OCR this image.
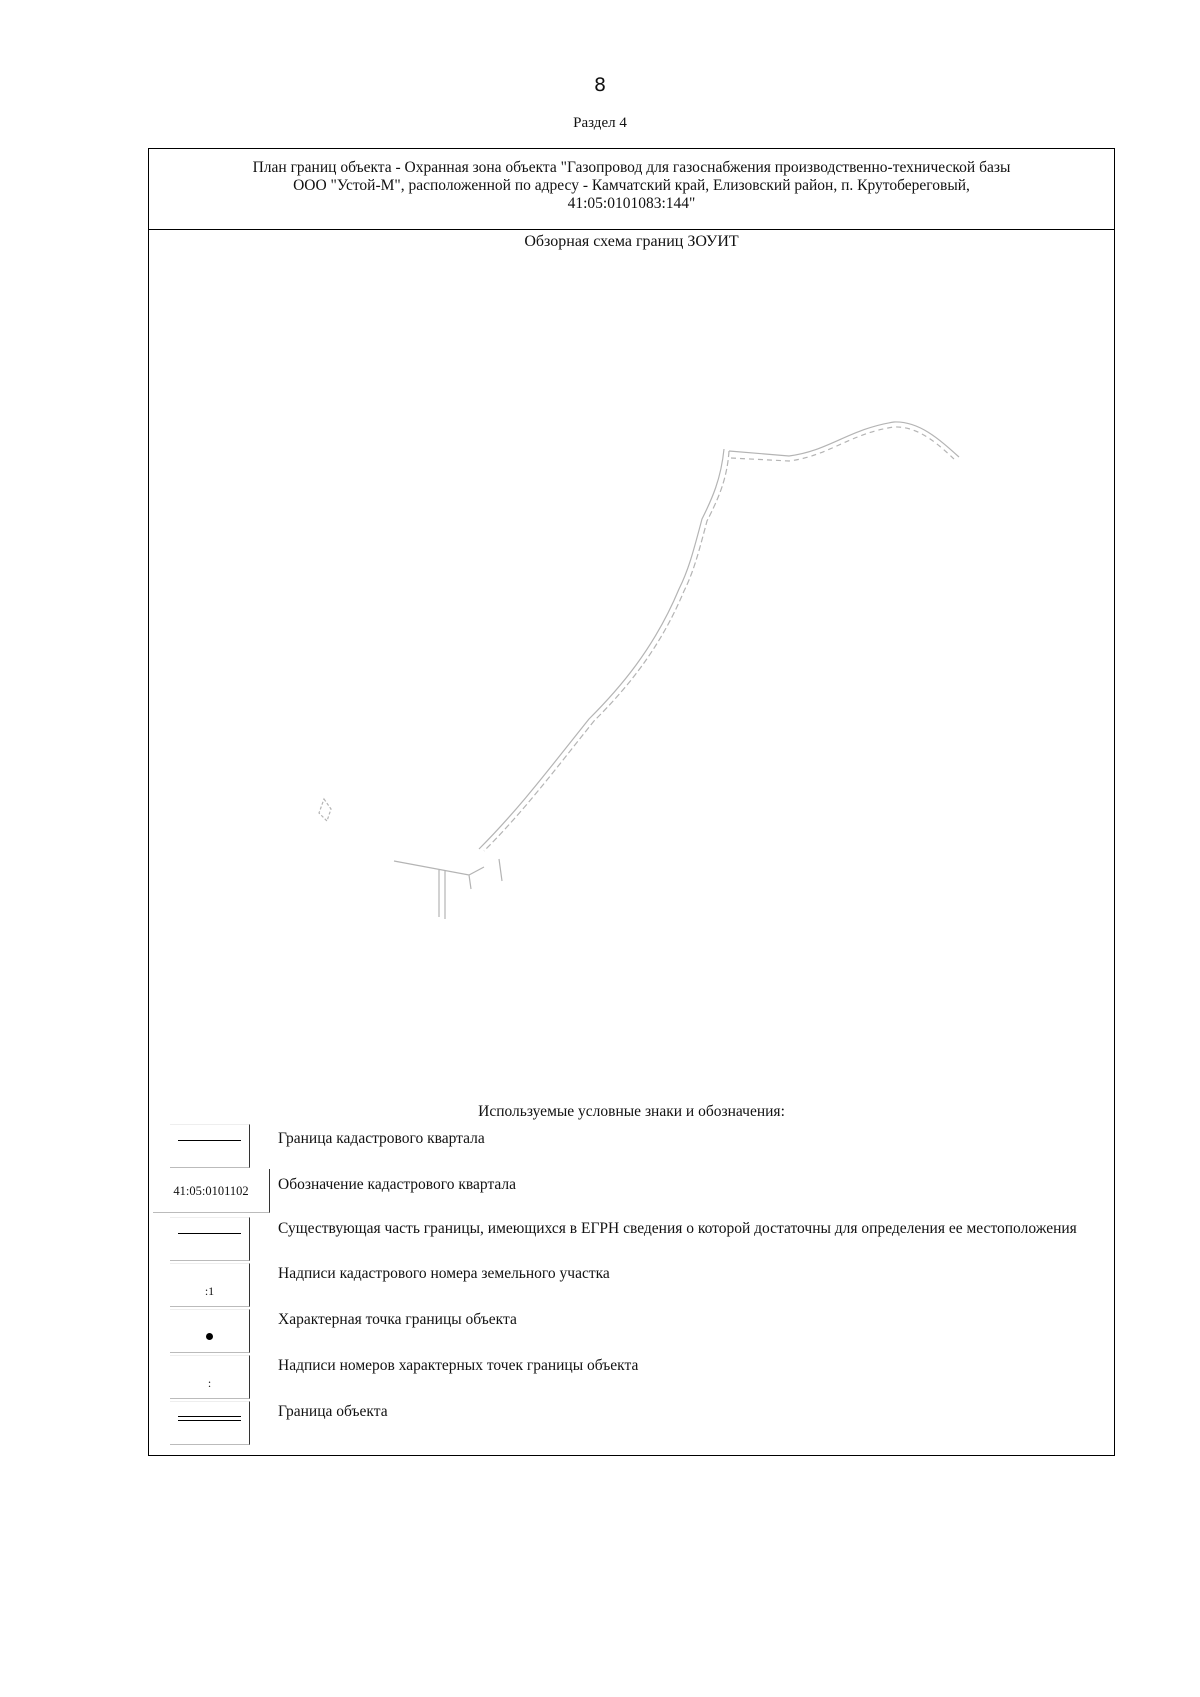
8
Раздел 4
План границ объекта - Охранная зона объекта "Газопровод для газоснабжения производственно-технической базы
ООО "Устой-М", расположенной по адресу - Камчатский край, Елизовский район, п. Крутобереговый,
41:05:0101083:144"
Обзорная схема границ ЗОУИТ
Используемые условные знаки и обозначения:
Граница кадастрового квартала
41:05:0101102	Обозначение кадастрового квартала
Существующая часть границы, имеющихся в ЕГРН сведения о которой достаточны для определения ее местоположения
:1
Надписи кадастрового номера земельного участка
Характерная точка границы объекта
:
Надписи номеров характерных точек границы объекта
Граница объекта
